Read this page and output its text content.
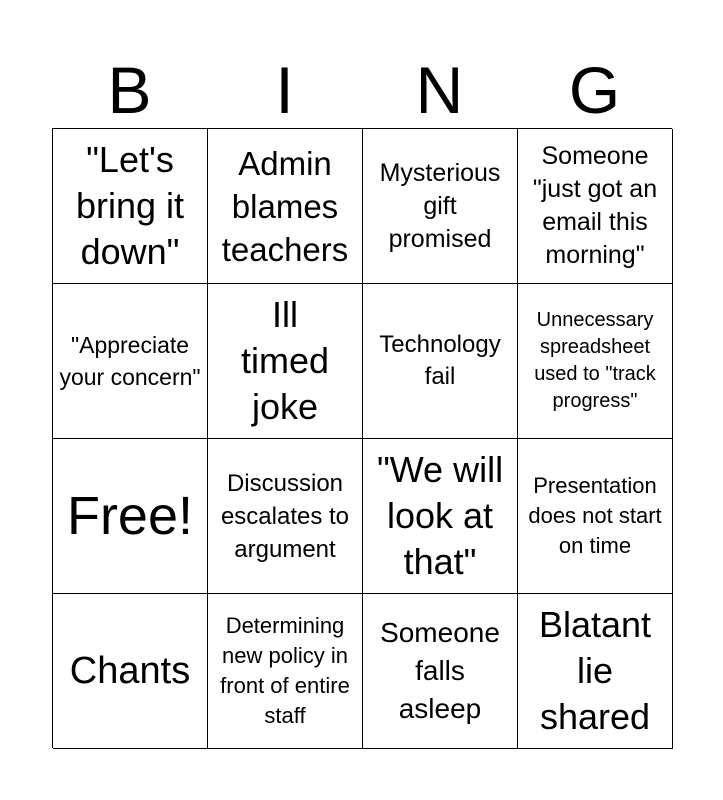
B	I	N	G
"Let's bring it down"
Admin blames teachers
Mysterious gift promised
Someone "just got an email this morning"
"Appreciate your concern"
Ill timed joke
Technology fail
Unnecessary spreadsheet used to "track progress"
Free!
Discussion escalates to argument
"We will look at that"
Presentation does not start on time
Chants
Determining new policy in front of entire staff
Someone falls asleep
Blatant lie shared
